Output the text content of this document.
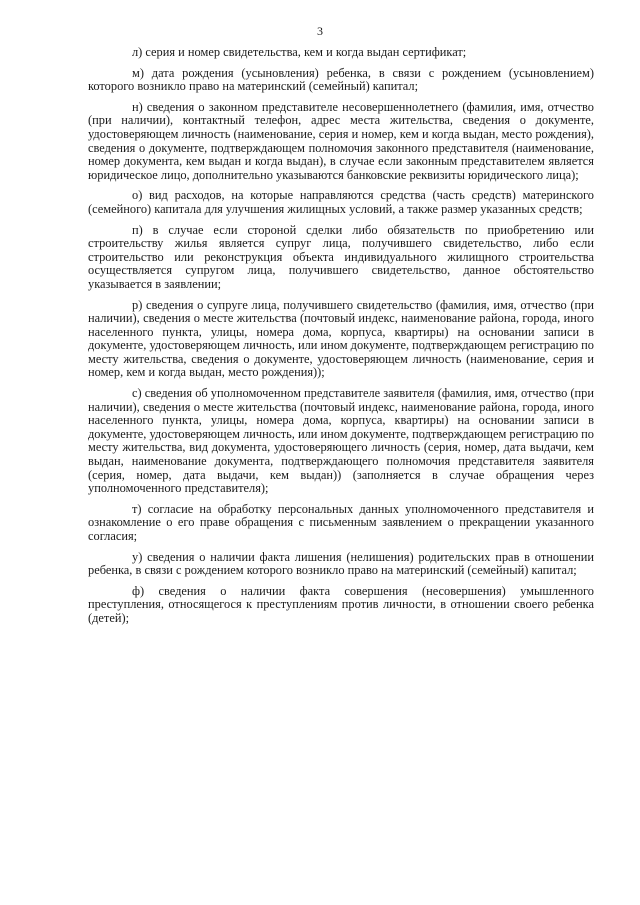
3

л) серия и номер свидетельства, кем и когда выдан сертификат;

м) дата рождения (усыновления) ребенка, в связи с рождением (усыновлением) которого возникло право на материнский (семейный) капитал;

н) сведения о законном представителе несовершеннолетнего (фамилия, имя, отчество (при наличии), контактный телефон, адрес места жительства, сведения о документе, удостоверяющем личность (наименование, серия и номер, кем и когда выдан, место рождения), сведения о документе, подтверждающем полномочия законного представителя (наименование, номер документа, кем выдан и когда выдан), в случае если законным представителем является юридическое лицо, дополнительно указываются банковские реквизиты юридического лица);

о) вид расходов, на которые направляются средства (часть средств) материнского (семейного) капитала для улучшения жилищных условий, а также размер указанных средств;

п) в случае если стороной сделки либо обязательств по приобретению или строительству жилья является супруг лица, получившего свидетельство, либо если строительство или реконструкция объекта индивидуального жилищного строительства осуществляется супругом лица, получившего свидетельство, данное обстоятельство указывается в заявлении;

р) сведения о супруге лица, получившего свидетельство (фамилия, имя, отчество (при наличии), сведения о месте жительства (почтовый индекс, наименование района, города, иного населенного пункта, улицы, номера дома, корпуса, квартиры) на основании записи в документе, удостоверяющем личность, или ином документе, подтверждающем регистрацию по месту жительства, сведения о документе, удостоверяющем личность (наименование, серия и номер, кем и когда выдан, место рождения));

с) сведения об уполномоченном представителе заявителя (фамилия, имя, отчество (при наличии), сведения о месте жительства (почтовый индекс, наименование района, города, иного населенного пункта, улицы, номера дома, корпуса, квартиры) на основании записи в документе, удостоверяющем личность, или ином документе, подтверждающем регистрацию по месту жительства, вид документа, удостоверяющего личность (серия, номер, дата выдачи, кем выдан, наименование документа, подтверждающего полномочия представителя заявителя (серия, номер, дата выдачи, кем выдан)) (заполняется в случае обращения через уполномоченного представителя);

т) согласие на обработку персональных данных уполномоченного представителя и ознакомление о его праве обращения с письменным заявлением о прекращении указанного согласия;

у) сведения о наличии факта лишения (нелишения) родительских прав в отношении ребенка, в связи с рождением которого возникло право на материнский (семейный) капитал;

ф) сведения о наличии факта совершения (несовершения) умышленного преступления, относящегося к преступлениям против личности, в отношении своего ребенка (детей);
